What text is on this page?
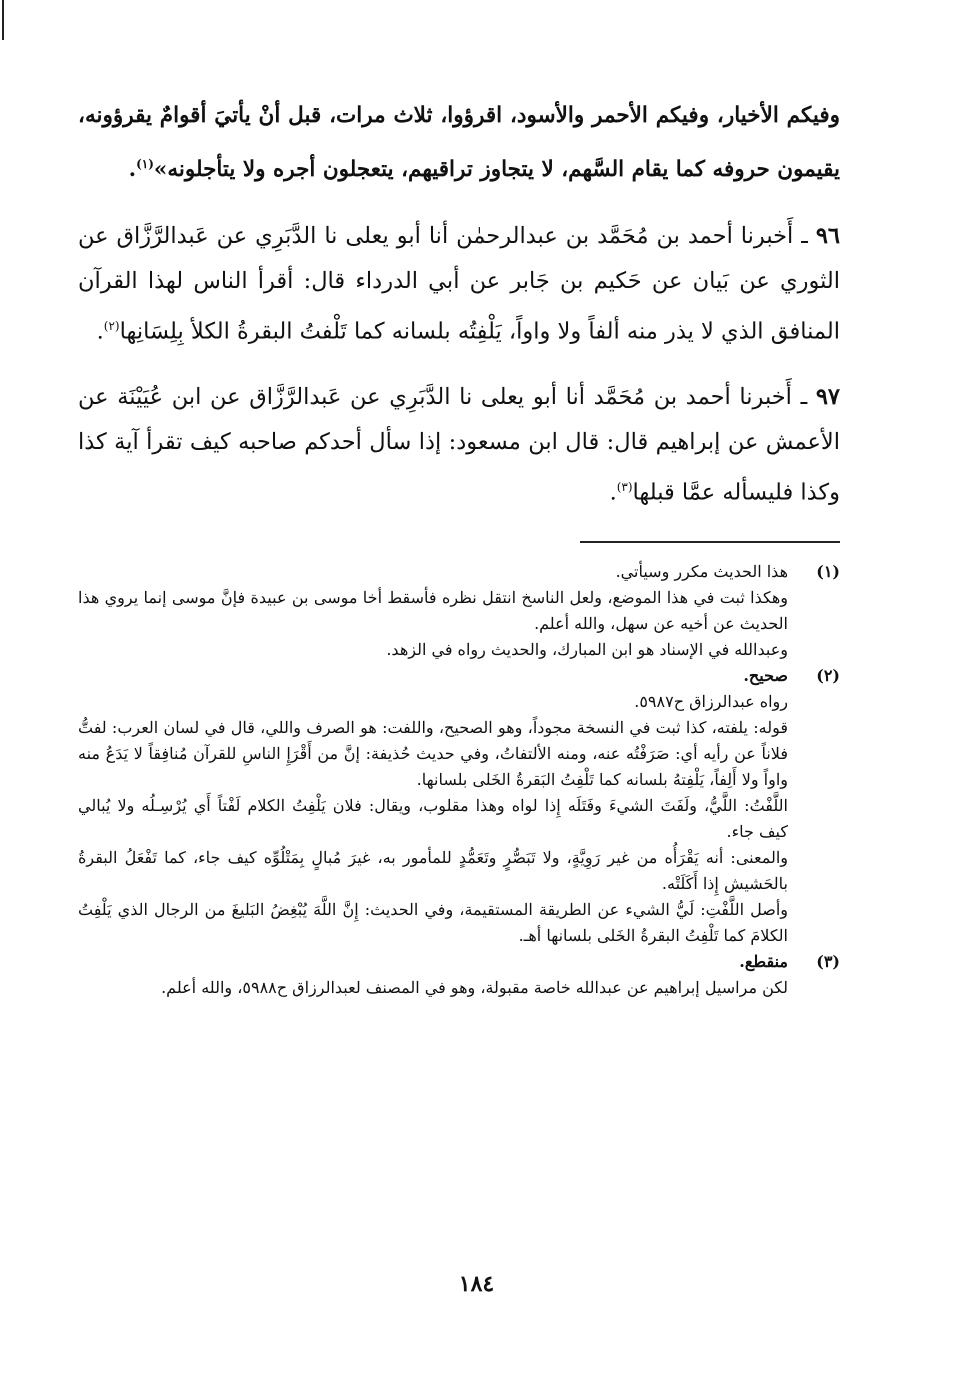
وفيكم الأخيار، وفيكم الأحمر والأسود، اقرؤوا، ثلاث مرات، قبل أنْ يأتيَ أقوامٌ يقرؤونه، يقيمون حروفه كما يقام السَّهم، لا يتجاوز تراقيهم، يتعجلون أجره ولا يتأجلونه»$^{(١)}$.

٩٦ ـ أَخبرنا أحمد بن مُحَمَّد بن عبدالرحمٰن أنا أبو يعلى نا الدَّبَرِي عن عَبدالرَّزَّاق عن الثوري عن بَيان عن حَكيم بن جَابر عن أبي الدرداء قال: أقرأ الناس لهذا القرآن المنافق الذي لا يذر منه ألفاً ولا واواً، يَلْفِتُه بلسانه كما تَلْفتُ البقرةُ الكلأ بِلِسَانِها$^{(٢)}$.

٩٧ ـ أَخبرنا أحمد بن مُحَمَّد أنا أبو يعلى نا الدَّبَرِي عن عَبدالرَّزَّاق عن ابن عُيَيْنَة عن الأعمش عن إبراهيم قال: قال ابن مسعود: إذا سأل أحدكم صاحبه كيف تقرأ آية كذا وكذا فليسأله عمَّا قبلها$^{(٣)}$.

(١)

هذا الحديث مكرر وسيأتي.

وهكذا ثبت في هذا الموضع، ولعل الناسخ انتقل نظره فأسقط أخا موسى بن عبيدة فإنَّ موسى إنما يروي هذا الحديث عن أخيه عن سهل، والله أعلم.

وعبدالله في الإسناد هو ابن المبارك، والحديث رواه في الزهد.

(٢)

صحيح.

رواه عبدالرزاق ح٥٩٨٧.

قوله: يلفته، كذا ثبت في النسخة مجوداً، وهو الصحيح، واللفت: هو الصرف واللي، قال في لسان العرب: لفتُّ فلاناً عن رأيه أي: صَرَفْتُه عنه، ومنه الألتفاتُ، وفي حديث حُذيفة: إنَّ من أَقْرَإِ الناسِ للقرآن مُنافِقاً لا يَدَعُ منه واواً ولا أَلِفاً، يَلْفِتهُ بلسانه كما تَلْفِتُ البَقرةُ الخَلى بلسانها.

اللَّفْتُ: اللَّيُّ، ولَفَتَ الشيءَ وفَتَلَه إِذا لواه وهذا مقلوب، ويقال: فلان يَلْفِتُ الكلام لَفْتاً أَي يُرْسِـلُه ولا يُبالي كيف جاء.

والمعنى: أنه يَقْرَأُه من غير رَوِيَّةٍ، ولا تَبَصُّرٍ وتَعَمُّدٍ للمأمور به، غيرَ مُبالٍ بِمَتْلُوِّه كيف جاء، كما تَفْعَلُ البقرةُ بالحَشيش إِذا أَكَلَتْه.

وأصل اللَّفْتِ: لَيُّ الشيء عن الطريقة المستقيمة، وفي الحديث: إِنَّ اللَّهَ يُبْغِضُ البَليغَ من الرجال الذي يَلْفِتُ الكلامَ كما تَلْفِتُ البقرةُ الخَلى بلسانها أهـ.

(٣)

منقطع.

لكن مراسيل إبراهيم عن عبدالله خاصة مقبولة، وهو في المصنف لعبدالرزاق ح٥٩٨٨، والله أعلم.

١٨٤
